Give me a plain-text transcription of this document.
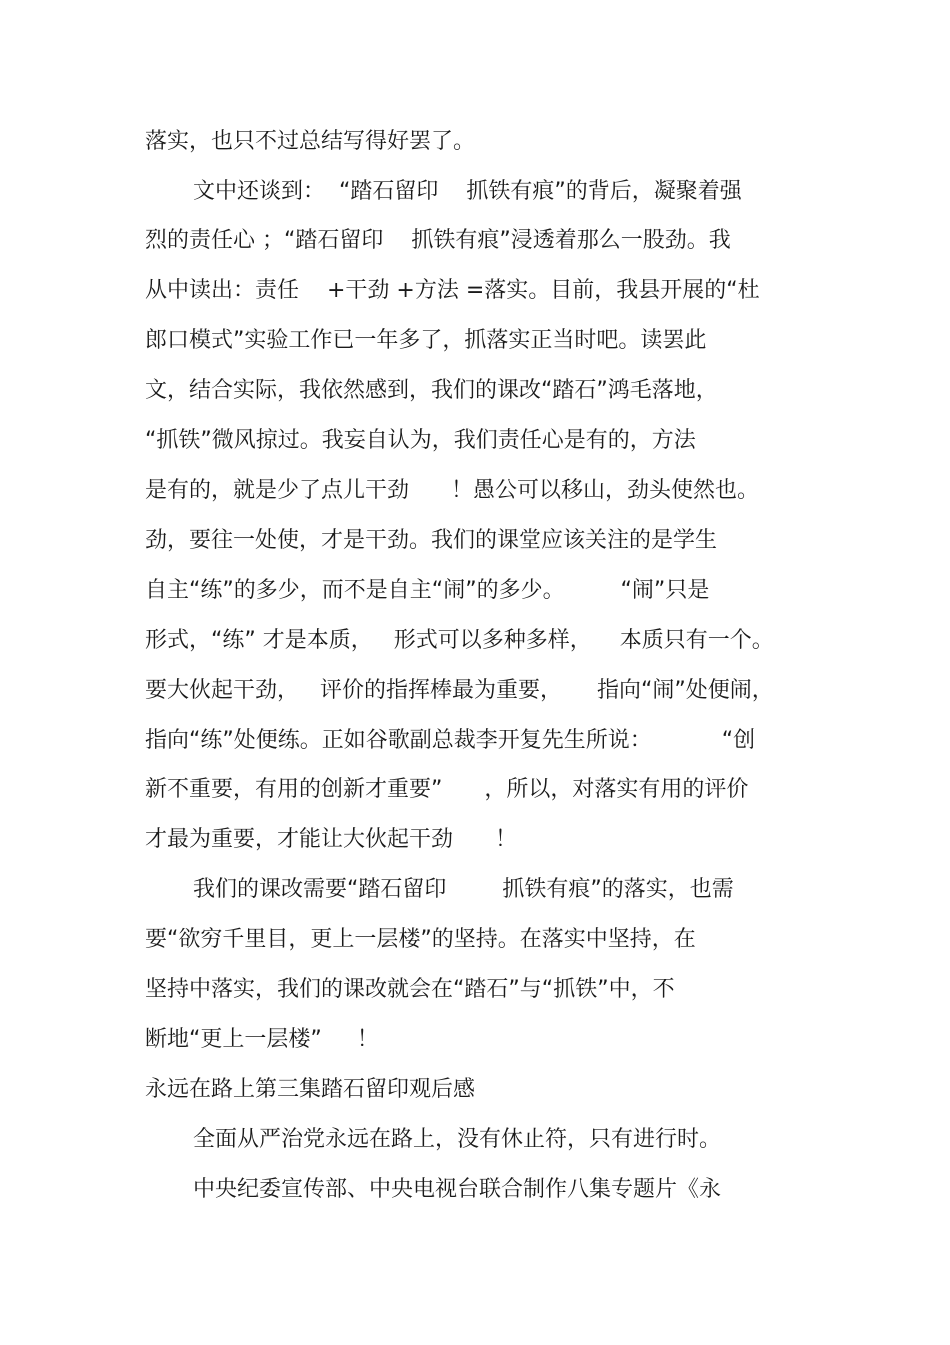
落实，也只不过总结写得好罢了。
文中还谈到：  “踏石留印    抓铁有痕”的背后，凝聚着强
烈的责任心 ；“踏石留印    抓铁有痕”浸透着那么一股劲。我
从中读出：责任    +干劲 +方法 =落实。目前，我县开展的“杜
郎口模式”实验工作已一年多了，抓落实正当时吧。读罢此
文，结合实际，我依然感到，我们的课改“踏石”鸿毛落地，
“抓铁”微风掠过。我妄自认为，我们责任心是有的，方法
是有的，就是少了点儿干劲      ！愚公可以移山，劲头使然也。
劲，要往一处使，才是干劲。我们的课堂应该关注的是学生
自主“练”的多少，而不是自主“闹”的多少。        “闹”只是
形式，“练” 才是本质，   形式可以多种多样，    本质只有一个。
要大伙起干劲，   评价的指挥棒最为重要，     指向“闹”处便闹，
指向“练”处便练。正如谷歌副总裁李开复先生所说：          “创
新不重要，有用的创新才重要”      ，所以，对落实有用的评价
才最为重要，才能让大伙起干劲      ！
我们的课改需要“踏石留印        抓铁有痕”的落实，也需
要“欲穷千里目，更上一层楼”的坚持。在落实中坚持，在
坚持中落实，我们的课改就会在“踏石”与“抓铁”中，不
断地“更上一层楼”     ！
永远在路上第三集踏石留印观后感
全面从严治党永远在路上，没有休止符，只有进行时。
中央纪委宣传部、中央电视台联合制作八集专题片《永
